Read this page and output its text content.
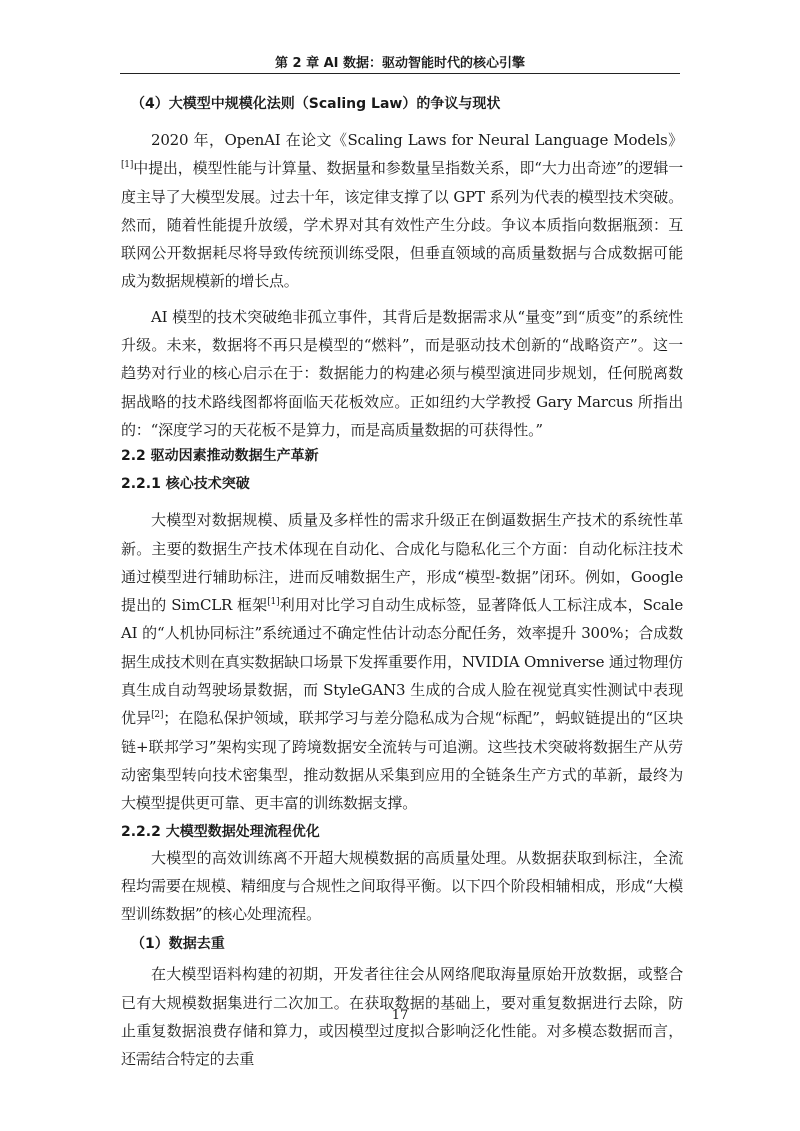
第 2 章 AI 数据：驱动智能时代的核心引擎
（4）大模型中规模化法则（Scaling Law）的争议与现状

2020 年，OpenAI 在论文《Scaling Laws for Neural Language Models》[1]中提出，模型性能与计算量、数据量和参数量呈指数关系，即“大力出奇迹”的逻辑一度主导了大模型发展。过去十年，该定律支撑了以 GPT 系列为代表的模型技术突破。然而，随着性能提升放缓，学术界对其有效性产生分歧。争议本质指向数据瓶颈：互联网公开数据耗尽将导致传统预训练受限，但垂直领域的高质量数据与合成数据可能成为数据规模新的增长点。

AI 模型的技术突破绝非孤立事件，其背后是数据需求从“量变”到“质变”的系统性升级。未来，数据将不再只是模型的“燃料”，而是驱动技术创新的“战略资产”。这一趋势对行业的核心启示在于：数据能力的构建必须与模型演进同步规划，任何脱离数据战略的技术路线图都将面临天花板效应。正如纽约大学教授 Gary Marcus 所指出的：“深度学习的天花板不是算力，而是高质量数据的可获得性。”

2.2 驱动因素推动数据生产革新
2.2.1 核心技术突破

大模型对数据规模、质量及多样性的需求升级正在倒逼数据生产技术的系统性革新。主要的数据生产技术体现在自动化、合成化与隐私化三个方面：自动化标注技术通过模型进行辅助标注，进而反哺数据生产，形成“模型-数据”闭环。例如，Google 提出的 SimCLR 框架[1]利用对比学习自动生成标签，显著降低人工标注成本，Scale AI 的“人机协同标注”系统通过不确定性估计动态分配任务，效率提升 300%；合成数据生成技术则在真实数据缺口场景下发挥重要作用，NVIDIA Omniverse 通过物理仿真生成自动驾驶场景数据，而 StyleGAN3 生成的合成人脸在视觉真实性测试中表现优异[2]；在隐私保护领域，联邦学习与差分隐私成为合规“标配”，蚂蚁链提出的“区块链+联邦学习”架构实现了跨境数据安全流转与可追溯。这些技术突破将数据生产从劳动密集型转向技术密集型，推动数据从采集到应用的全链条生产方式的革新，最终为大模型提供更可靠、更丰富的训练数据支撑。

2.2.2 大模型数据处理流程优化

大模型的高效训练离不开超大规模数据的高质量处理。从数据获取到标注，全流程均需要在规模、精细度与合规性之间取得平衡。以下四个阶段相辅相成，形成“大模型训练数据”的核心处理流程。

（1）数据去重

在大模型语料构建的初期，开发者往往会从网络爬取海量原始开放数据，或整合已有大规模数据集进行二次加工。在获取数据的基础上，要对重复数据进行去除，防止重复数据浪费存储和算力，或因模型过度拟合影响泛化性能。对多模态数据而言，还需结合特定的去重

17
